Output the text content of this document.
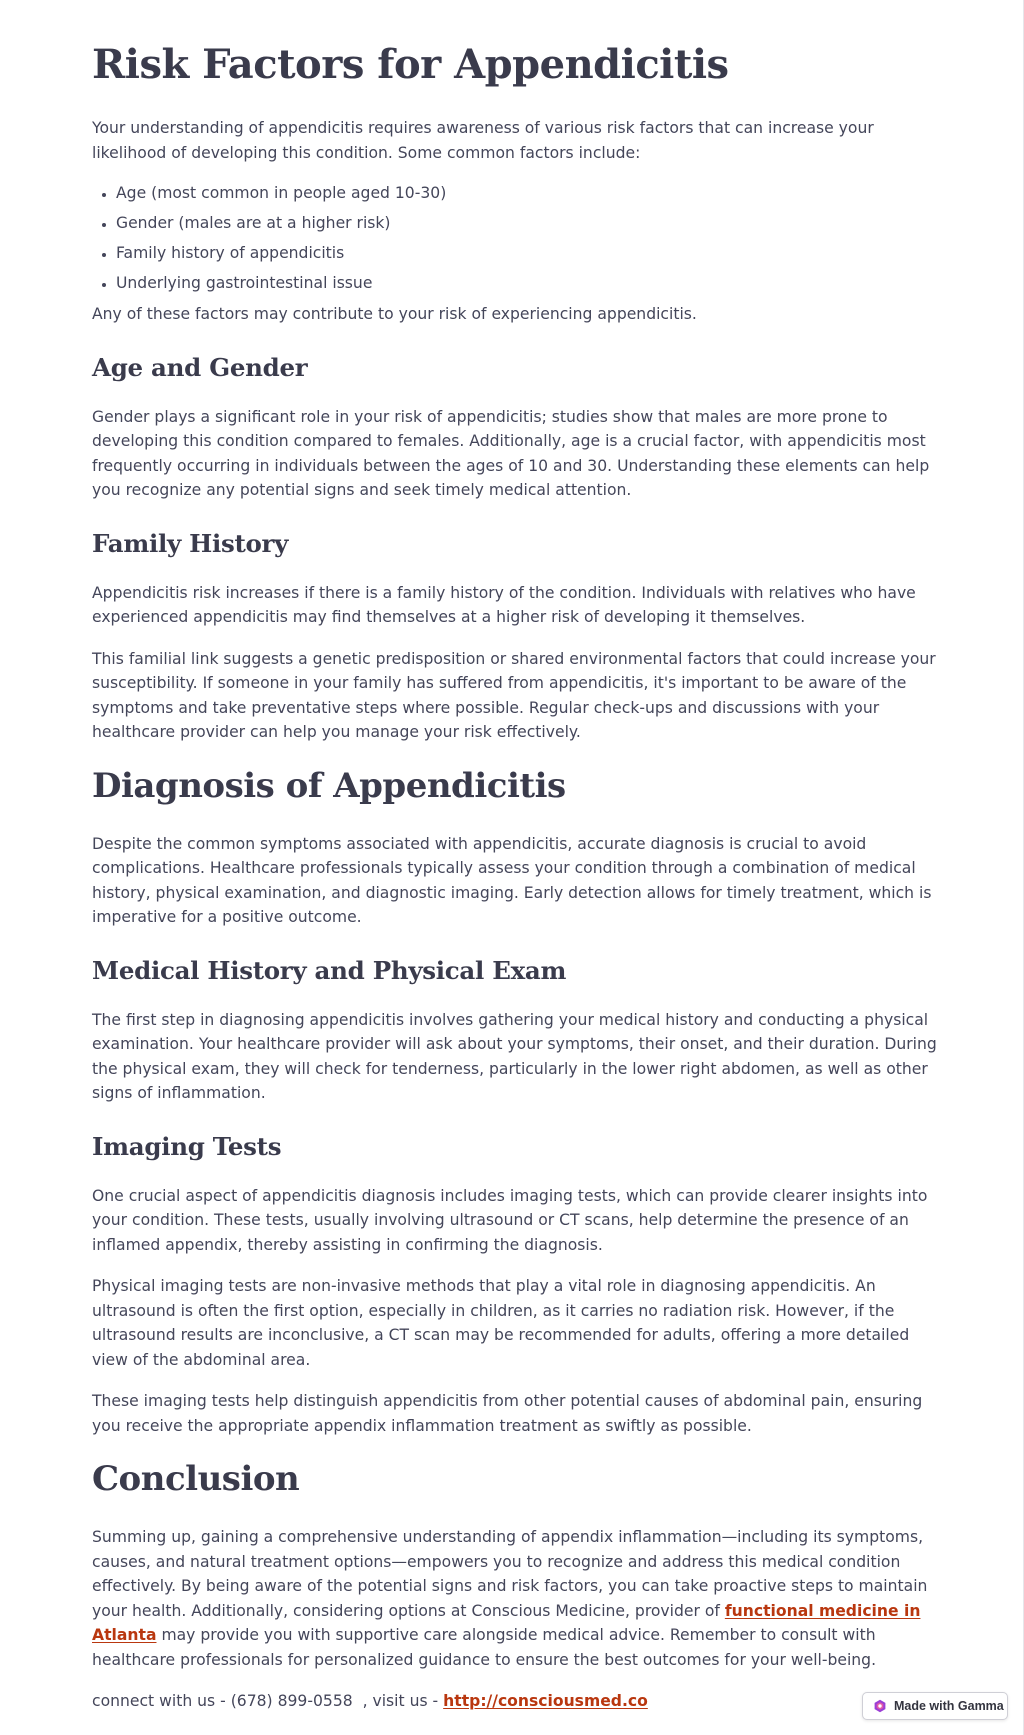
Risk Factors for Appendicitis

Your understanding of appendicitis requires awareness of various risk factors that can increase your likelihood of developing this condition. Some common factors include:

• Age (most common in people aged 10-30)
• Gender (males are at a higher risk)
• Family history of appendicitis
• Underlying gastrointestinal issue

Any of these factors may contribute to your risk of experiencing appendicitis.

Age and Gender

Gender plays a significant role in your risk of appendicitis; studies show that males are more prone to developing this condition compared to females. Additionally, age is a crucial factor, with appendicitis most frequently occurring in individuals between the ages of 10 and 30. Understanding these elements can help you recognize any potential signs and seek timely medical attention.

Family History

Appendicitis risk increases if there is a family history of the condition. Individuals with relatives who have experienced appendicitis may find themselves at a higher risk of developing it themselves.

This familial link suggests a genetic predisposition or shared environmental factors that could increase your susceptibility. If someone in your family has suffered from appendicitis, it's important to be aware of the symptoms and take preventative steps where possible. Regular check-ups and discussions with your healthcare provider can help you manage your risk effectively.

Diagnosis of Appendicitis

Despite the common symptoms associated with appendicitis, accurate diagnosis is crucial to avoid complications. Healthcare professionals typically assess your condition through a combination of medical history, physical examination, and diagnostic imaging. Early detection allows for timely treatment, which is imperative for a positive outcome.

Medical History and Physical Exam

The first step in diagnosing appendicitis involves gathering your medical history and conducting a physical examination. Your healthcare provider will ask about your symptoms, their onset, and their duration. During the physical exam, they will check for tenderness, particularly in the lower right abdomen, as well as other signs of inflammation.

Imaging Tests

One crucial aspect of appendicitis diagnosis includes imaging tests, which can provide clearer insights into your condition. These tests, usually involving ultrasound or CT scans, help determine the presence of an inflamed appendix, thereby assisting in confirming the diagnosis.

Physical imaging tests are non-invasive methods that play a vital role in diagnosing appendicitis. An ultrasound is often the first option, especially in children, as it carries no radiation risk. However, if the ultrasound results are inconclusive, a CT scan may be recommended for adults, offering a more detailed view of the abdominal area.

These imaging tests help distinguish appendicitis from other potential causes of abdominal pain, ensuring you receive the appropriate appendix inflammation treatment as swiftly as possible.

Conclusion

Summing up, gaining a comprehensive understanding of appendix inflammation—including its symptoms, causes, and natural treatment options—empowers you to recognize and address this medical condition effectively. By being aware of the potential signs and risk factors, you can take proactive steps to maintain your health. Additionally, considering options at Conscious Medicine, provider of functional medicine in Atlanta may provide you with supportive care alongside medical advice. Remember to consult with healthcare professionals for personalized guidance to ensure the best outcomes for your well-being.

connect with us - (678) 899-0558  , visit us - http://consciousmed.co	Made with Gamma
